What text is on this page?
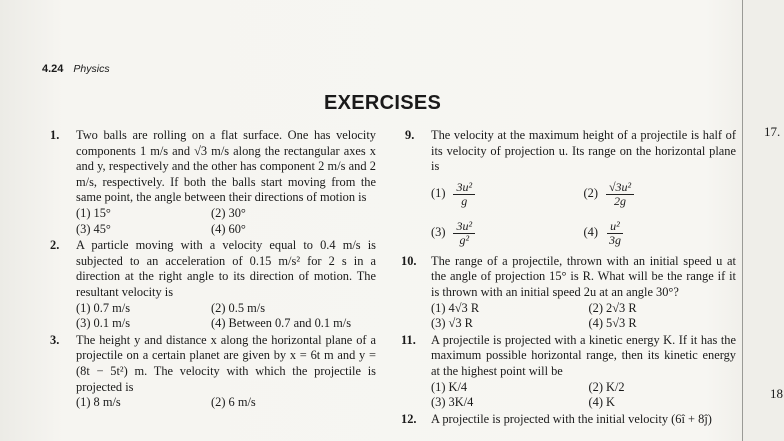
17.
18
4.24 Physics
EXERCISES
1. Two balls are rolling on a flat surface. One has velocity components 1 m/s and √3 m/s along the rectangular axes x and y, respectively and the other has component 2 m/s and 2 m/s, respectively. If both the balls start moving from the same point, the angle between their directions of motion is
(1) 15°	(2) 30°
(3) 45°	(4) 60°
2. A particle moving with a velocity equal to 0.4 m/s is subjected to an acceleration of 0.15 m/s² for 2 s in a direction at the right angle to its direction of motion. The resultant velocity is
(1) 0.7 m/s	(2) 0.5 m/s
(3) 0.1 m/s	(4) Between 0.7 and 0.1 m/s
3. The height y and distance x along the horizontal plane of a projectile on a certain planet are given by x = 6t m and y = (8t − 5t²) m. The velocity with which the projectile is projected is
(1) 8 m/s	(2) 6 m/s
9. The velocity at the maximum height of a projectile is half of its velocity of projection u. Its range on the horizontal plane is
$(1) \frac{\text{3u²}}{g}$	$(2) \frac{\text{√3u²}}{2g}$
$(3) \frac{\text{3u²}}{\text{g²}}$	$(4) \frac{\text{u²}}{3g}$
10. The range of a projectile, thrown with an initial speed u at the angle of projection 15° is R. What will be the range if it is thrown with an initial speed 2u at an angle 30°?
(1) 4√3 R	(2) 2√3 R
(3) √3 R	(4) 5√3 R
11. A projectile is projected with a kinetic energy K. If it has the maximum possible horizontal range, then its kinetic energy at the highest point will be
(1) K/4	(2) K/2
(3) 3K/4	(4) K
12. A projectile is projected with the initial velocity (6î + 8ĵ)
